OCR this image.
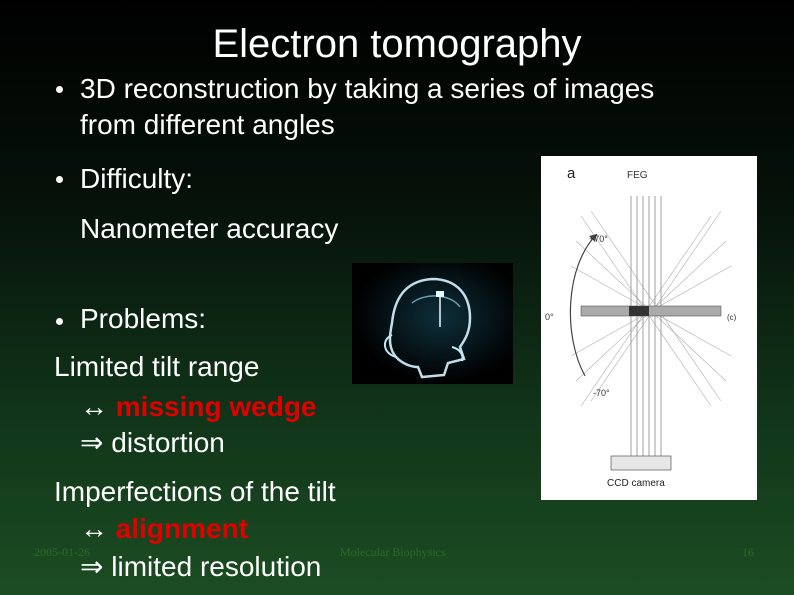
Electron tomography
3D reconstruction by taking a series of images
from different angles
Difficulty:
Nanometer accuracy
Problems:
Limited tilt range
↔ missing wedge
⇒ distortion
Imperfections of the tilt
↔ alignment
⇒ limited resolution
2005-01-26	Molecular Biophysics	16
a	FEG
+70°
0°
-70°
(c)
CCD camera
